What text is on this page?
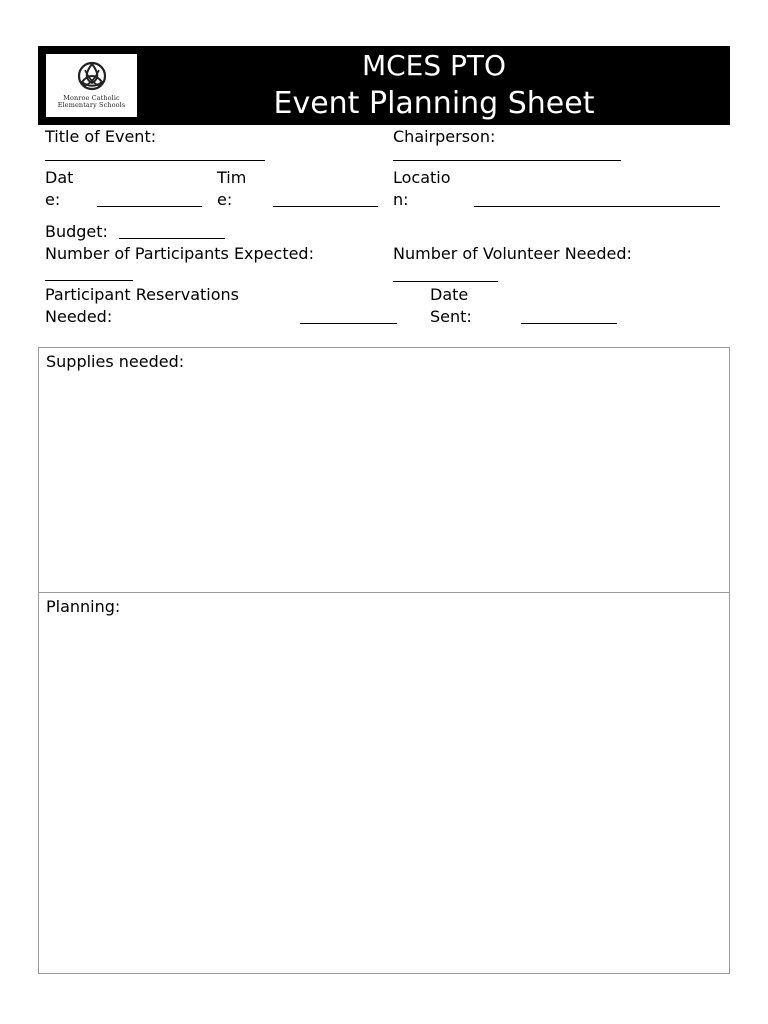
Monroe Catholic
Elementary Schools
MCES PTO
Event Planning Sheet
Title of Event:	Chairperson:
Dat
e:
Tim
e:
Locatio
n:
Budget:
Number of Participants Expected:	Number of Volunteer Needed:
Participant Reservations
Needed:
Date
Sent:
Supplies needed:
Planning:
